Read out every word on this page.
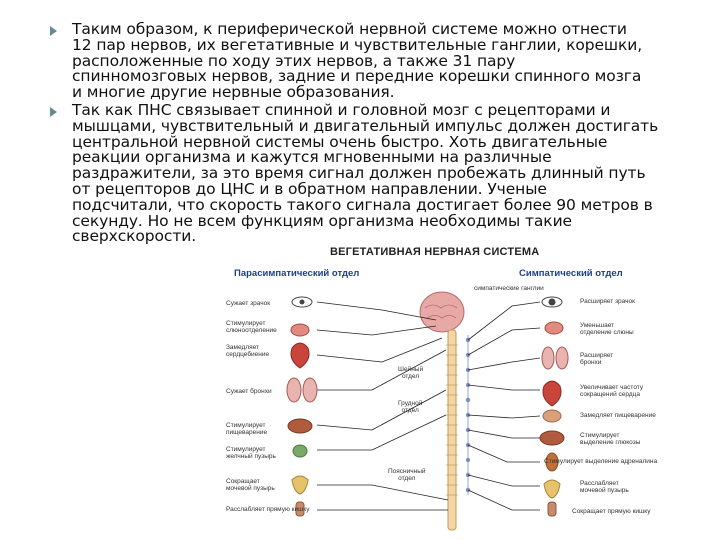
Таким образом, к периферической нервной системе можно отнести
12 пар нервов, их вегетативные и чувствительные ганглии, корешки,
расположенные по ходу этих нервов, а также 31 пару
спинномозговых нервов, задние и передние корешки спинного мозга
и многие другие нервные образования.
Так как ПНС связывает спинной и головной мозг с рецепторами и
мышцами, чувствительный и двигательный импульс должен достигать
центральной нервной системы очень быстро. Хоть двигательные
реакции организма и кажутся мгновенными на различные
раздражители, за это время сигнал должен пробежать длинный путь
от рецепторов до ЦНС и в обратном направлении. Ученые
подсчитали, что скорость такого сигнала достигает более 90 метров в
секунду. Но не всем функциям организма необходимы такие
сверхскорости.
ВЕГЕТАТИВНАЯ НЕРВНАЯ СИСТЕМА
Парасимпатический отдел	Симпатический отдел
симпатические ганглии
Шейный
отдел
Грудной
отдел
Поясничный
отдел
Сужает зрачок
Стимулирует
слюноотделение
Замедляет
сердцебиение
Сужает бронхи
Стимулирует
пищеварение
Стимулирует
желчный пузырь
Сокращает
мочевой пузырь
Расслабляет прямую кишку
Расширяет зрачок
Уменьшает
отделение слюны
Расширяет
бронхи
Увеличивает частоту
сокращений сердца
Замедляет пищеварение
Стимулирует
выделение глюкозы
Стимулирует выделение адреналина
Расслабляет
мочевой пузырь
Сокращает прямую кишку
